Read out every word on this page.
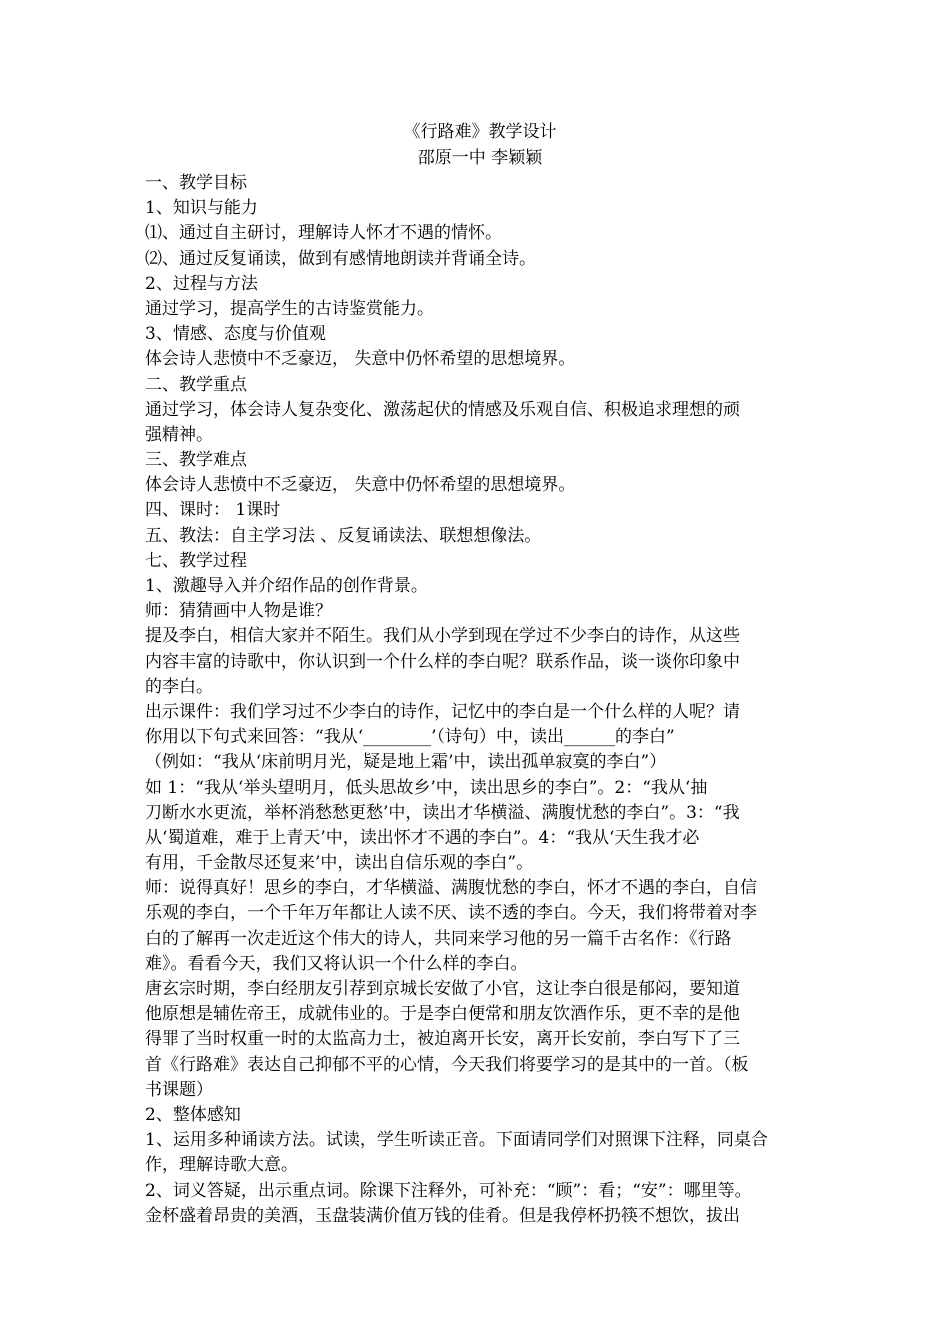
《行路难》教学设计
邵原一中 李颖颖
一、教学目标
1、知识与能力
⑴、通过自主研讨，理解诗人怀才不遇的情怀。
⑵、通过反复诵读，做到有感情地朗读并背诵全诗。
2、过程与方法
通过学习，提高学生的古诗鉴赏能力。
3、情感、态度与价值观
体会诗人悲愤中不乏豪迈， 失意中仍怀希望的思想境界。
二、教学重点
通过学习，体会诗人复杂变化、激荡起伏的情感及乐观自信、积极追求理想的顽
强精神。
三、教学难点
体会诗人悲愤中不乏豪迈， 失意中仍怀希望的思想境界。
四、课时： 1课时
五、教法：自主学习法 、反复诵读法、联想想像法。
七、教学过程
1、激趣导入并介绍作品的创作背景。
师：猜猜画中人物是谁？
提及李白，相信大家并不陌生。我们从小学到现在学过不少李白的诗作，从这些
内容丰富的诗歌中，你认识到一个什么样的李白呢？联系作品，谈一谈你印象中
的李白。
出示课件：我们学习过不少李白的诗作，记忆中的李白是一个什么样的人呢？请
你用以下句式来回答：“我从‘________’（诗句）中，读出______的李白”
（例如：“我从‘床前明月光，疑是地上霜’中，读出孤单寂寞的李白”）
如 1：“我从‘举头望明月，低头思故乡’中，读出思乡的李白”。2：“我从‘抽
刀断水水更流，举杯消愁愁更愁’中，读出才华横溢、满腹忧愁的李白”。3：“我
从‘蜀道难，难于上青天’中，读出怀才不遇的李白”。4：“我从‘天生我才必
有用，千金散尽还复来’中，读出自信乐观的李白”。
师：说得真好！思乡的李白，才华横溢、满腹忧愁的李白，怀才不遇的李白，自信
乐观的李白，一个千年万年都让人读不厌、读不透的李白。今天，我们将带着对李
白的了解再一次走近这个伟大的诗人，共同来学习他的另一篇千古名作：《行路
难》。看看今天，我们又将认识一个什么样的李白。
唐玄宗时期，李白经朋友引荐到京城长安做了小官，这让李白很是郁闷，要知道
他原想是辅佐帝王，成就伟业的。于是李白便常和朋友饮酒作乐，更不幸的是他
得罪了当时权重一时的太监高力士，被迫离开长安，离开长安前，李白写下了三
首《行路难》表达自己抑郁不平的心情，今天我们将要学习的是其中的一首。（板
书课题）
2、整体感知
1、运用多种诵读方法。试读，学生听读正音。下面请同学们对照课下注释，同桌合
作，理解诗歌大意。
2、词义答疑，出示重点词。除课下注释外，可补充：“顾”：看；“安”：哪里等。
金杯盛着昂贵的美酒，玉盘装满价值万钱的佳肴。但是我停杯扔筷不想饮，拔出
